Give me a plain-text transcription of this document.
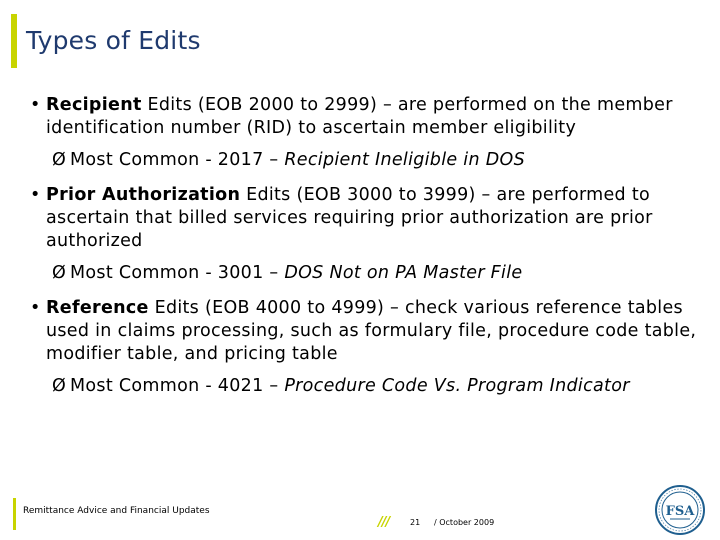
Types of Edits
• Recipient Edits (EOB 2000 to 2999) – are performed on the member identification number (RID) to ascertain member eligibility
Ø Most Common - 2017 – Recipient Ineligible in DOS
• Prior Authorization Edits (EOB 3000 to 3999) – are performed to ascertain that billed services requiring prior authorization are prior authorized
Ø Most Common - 3001 – DOS Not on PA Master File
• Reference Edits (EOB 4000 to 4999) – check various reference tables used in claims processing, such as formulary file, procedure code table, modifier table, and pricing table
Ø Most Common - 4021 – Procedure Code Vs. Program Indicator
Remittance Advice and Financial Updates
///	21 / October 2009
FSA
